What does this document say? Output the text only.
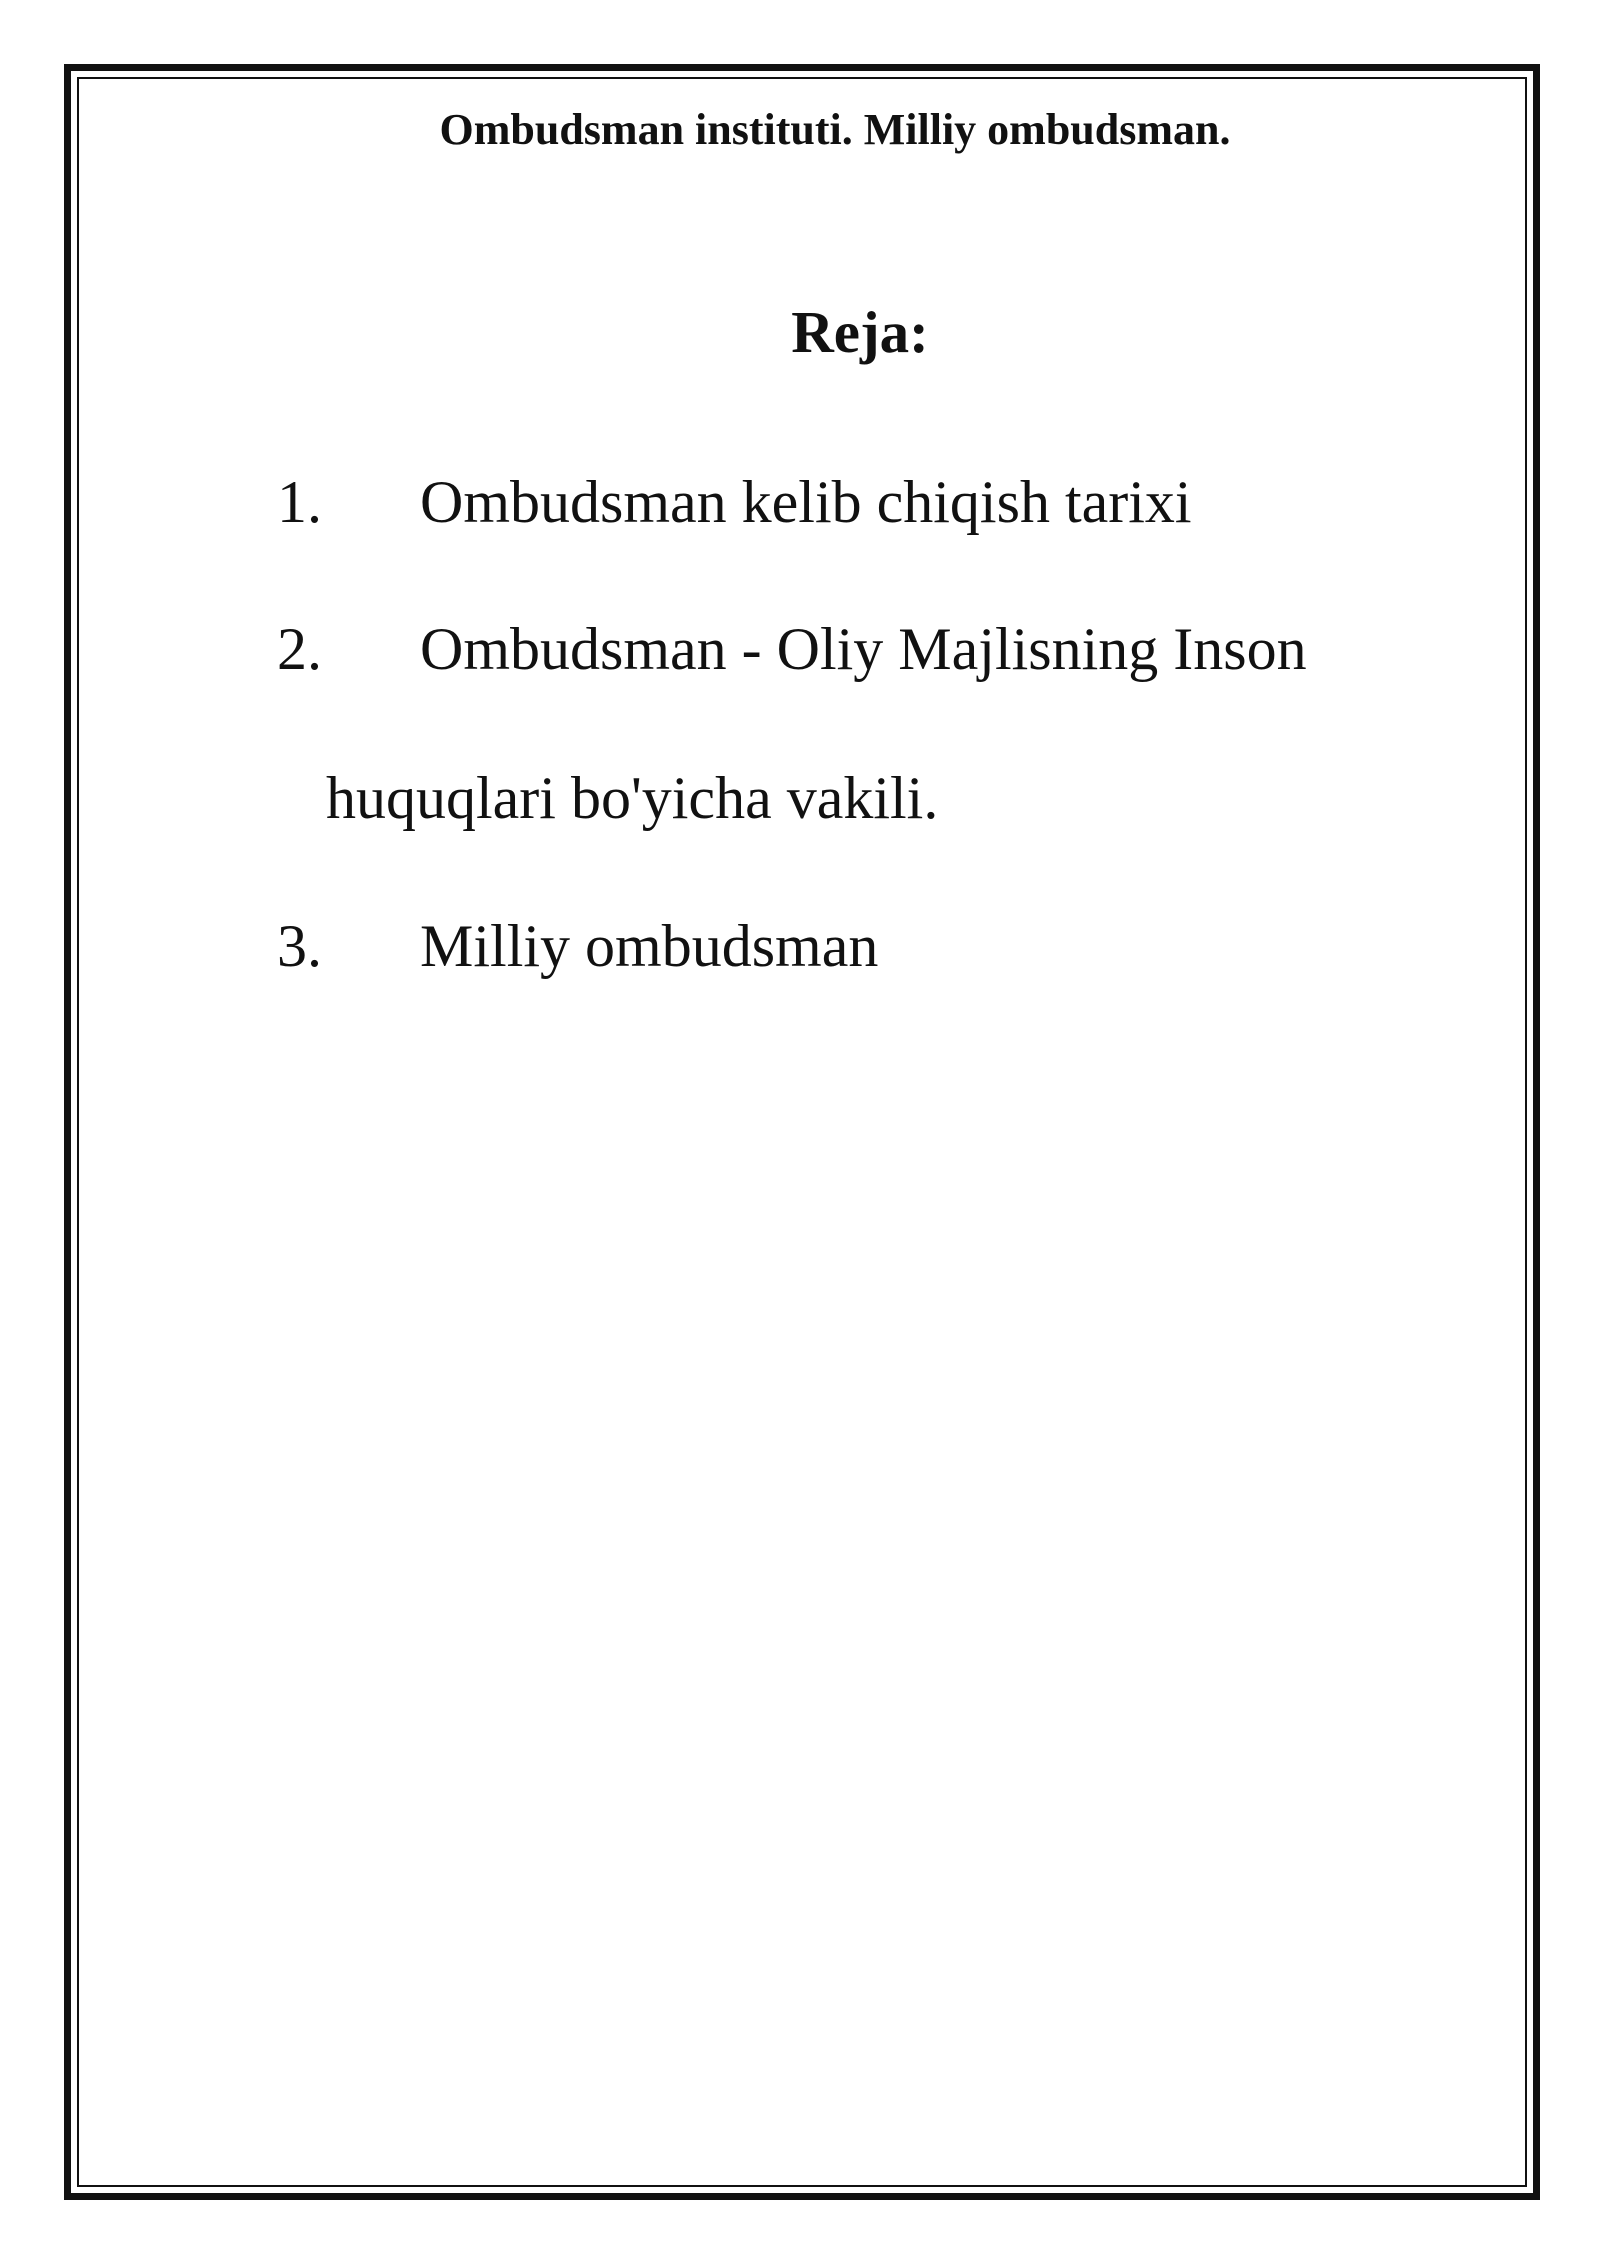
Ombudsman instituti. Milliy ombudsman.
Reja:
1. Ombudsman kelib chiqish tarixi
2. Ombudsman - Oliy Majlisning Inson
huquqlari bo'yicha vakili.
3. Milliy ombudsman
